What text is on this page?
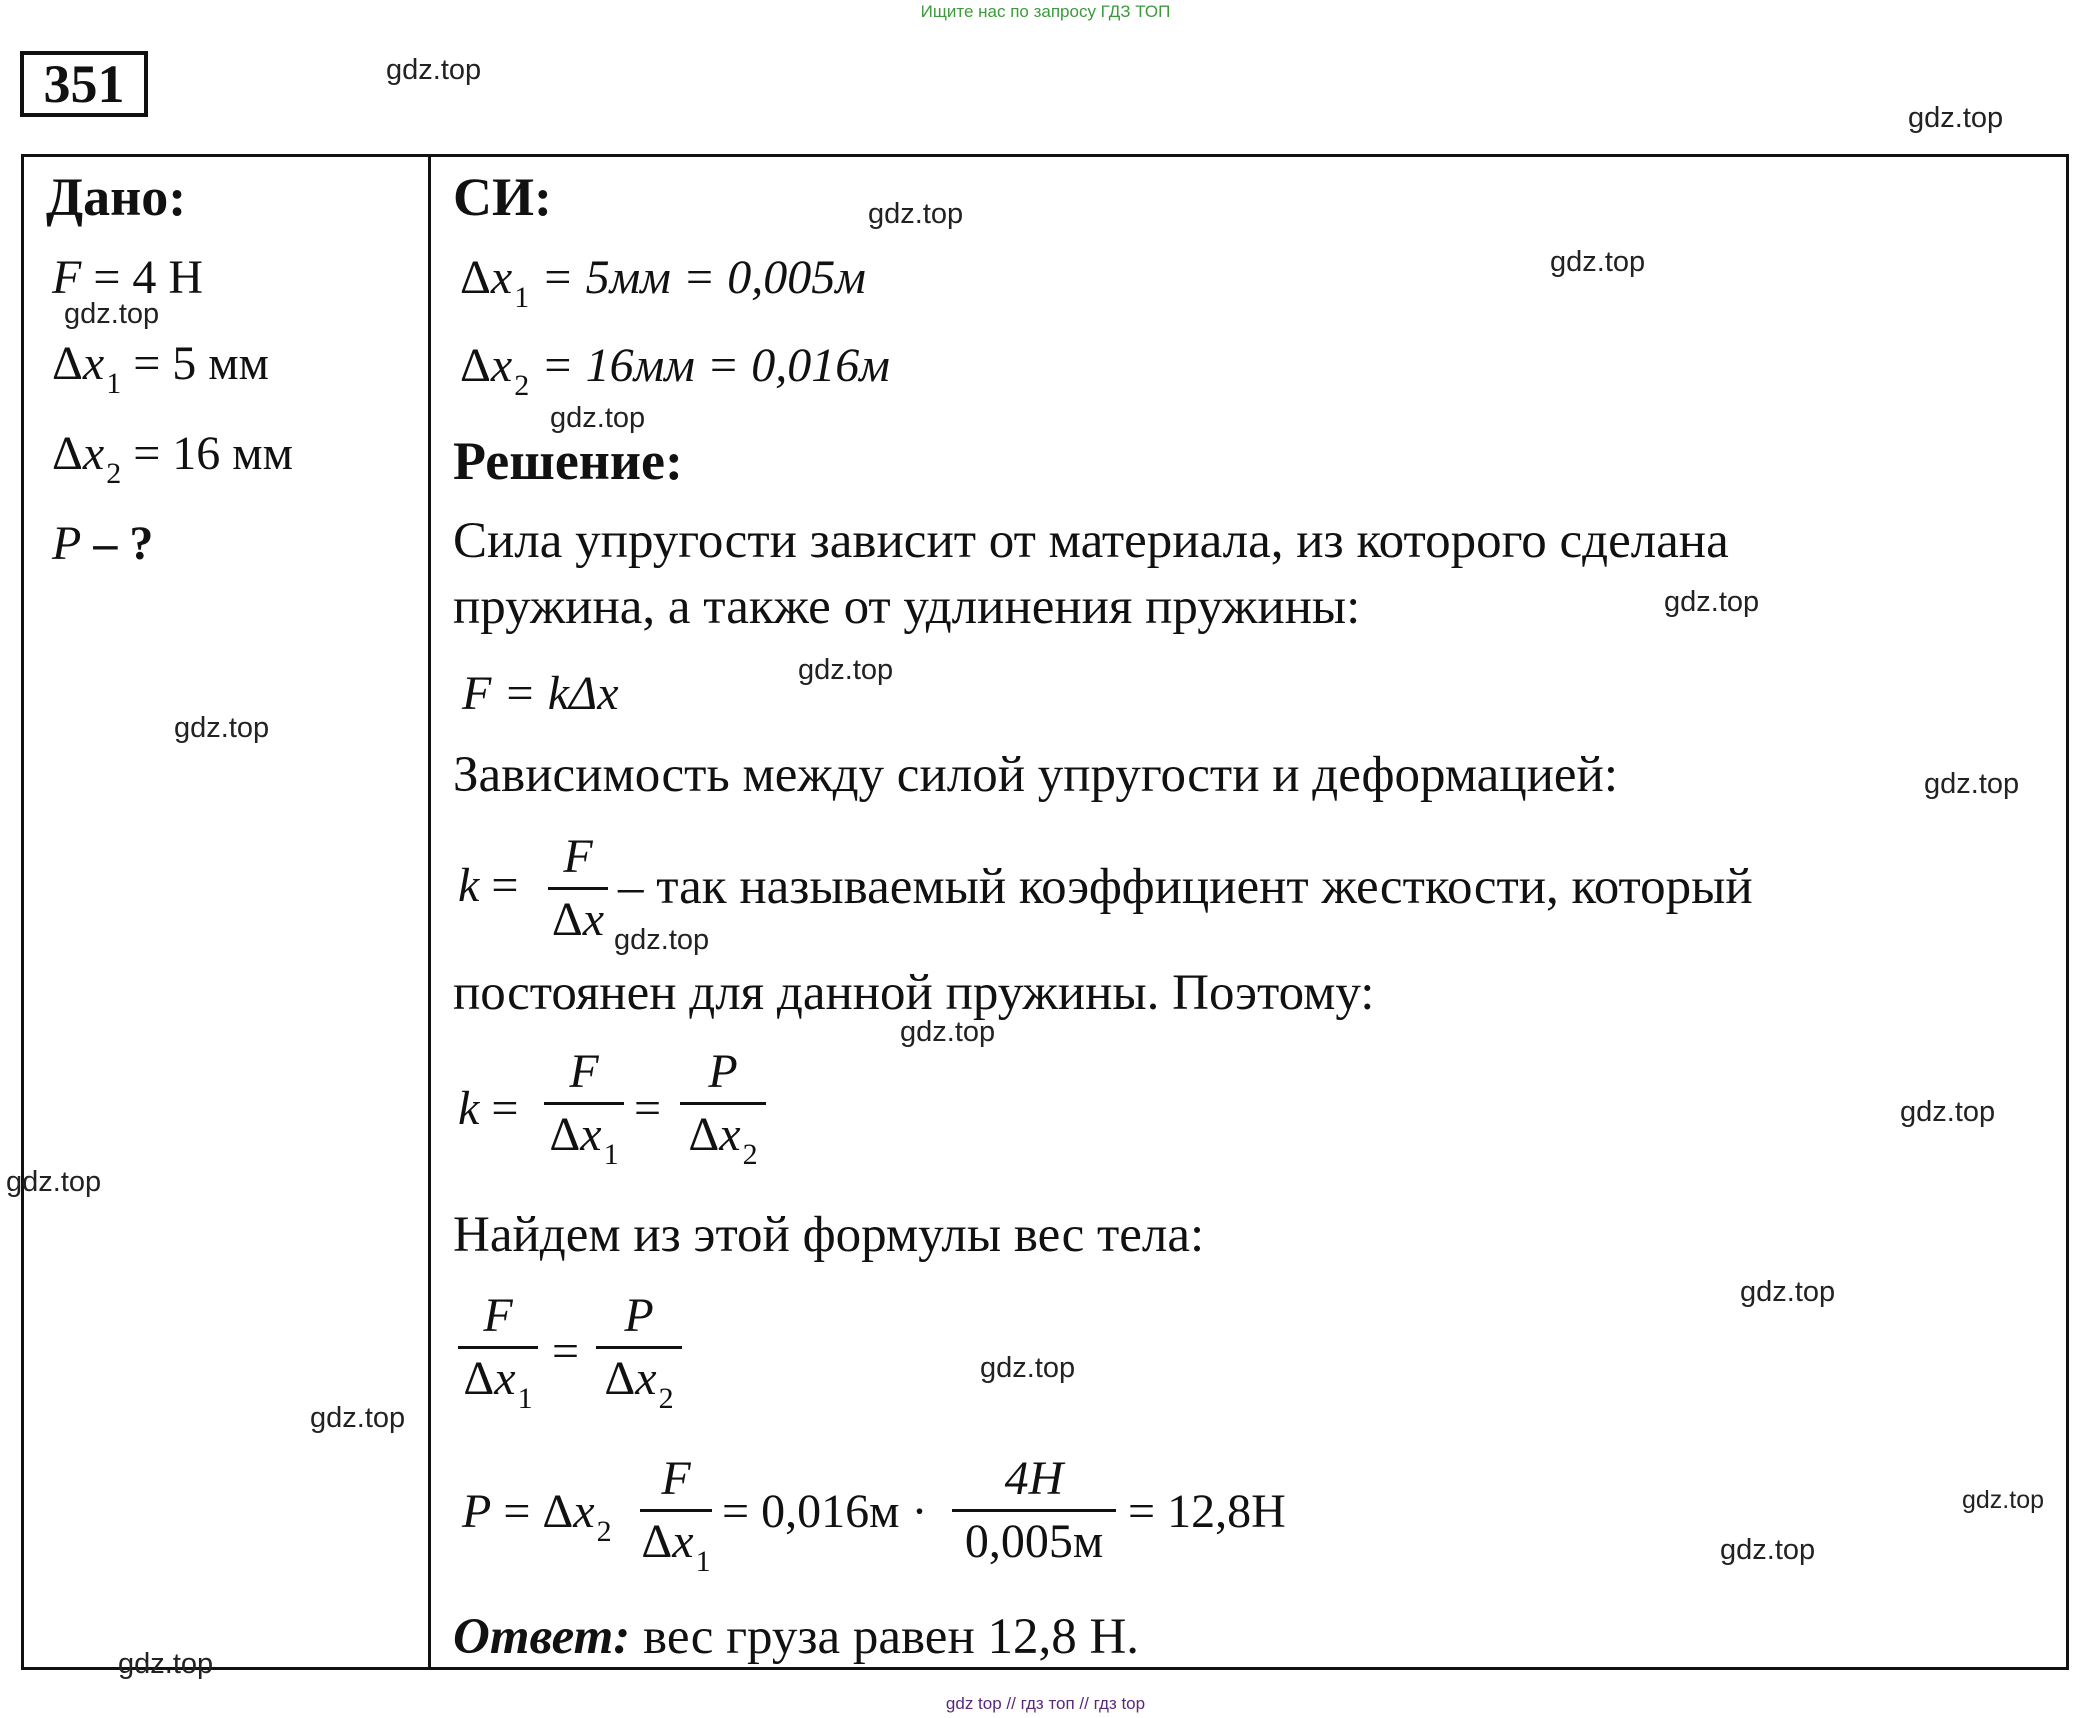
Ищите нас по запросу ГДЗ ТОП
351
Дано:
F = 4 Н
$\Delta x_1 = 5$ мм
$\Delta x_2 = 16$ мм
P – ?
СИ:
$\Delta x_1 = 5мм = 0,005м$
$\Delta x_2 = 16мм = 0,016м$
Решение:
Сила упругости зависит от материала, из которого сделана
пружина, а также от удлинения пружины:
F = kΔx
Зависимость между силой упругости и деформацией:
k =
F
Δx
– так называемый коэффициент жесткости, который
постоянен для данной пружины. Поэтому:
k =
F
$\Delta x_1$
=
P
$\Delta x_2$
Найдем из этой формулы вес тела:
F
$\Delta x_1$
=
P
$\Delta x_2$
$P = \Delta x_2$
F
$\Delta x_1$
= 0,016м ·
4H
0,005м
= 12,8H
Ответ: вес груза равен 12,8 Н.
gdz.top
gdz.top
gdz.top
gdz.top
gdz.top
gdz.top
gdz.top
gdz.top
gdz.top
gdz.top
gdz.top
gdz.top
gdz.top
gdz.top
gdz.top
gdz.top
gdz.top
gdz.top
gdz.top
gdz.top
gdz top // гдз топ // гдз top
